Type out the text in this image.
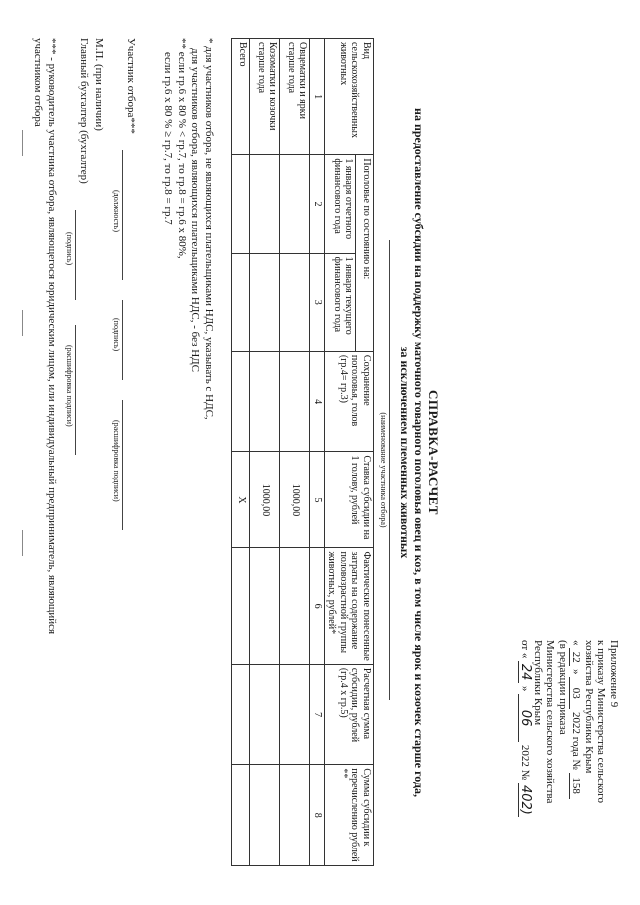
Приложение 9
к приказу Министерства сельского
хозяйства Республики Крым
« 22 » 03 2022 года № 158
(в редакции приказа
Министерства сельского хозяйства
Республики Крым
от « 24 » 06 2022 № 402)
СПРАВКА-РАСЧЕТ
на предоставление субсидии на поддержку маточного товарного поголовья овец и коз, в том числе ярок и козочек старше года,
за исключением племенных животных
(наименование участника отбора)
Вид сельскохозяйственных животных	Поголовье по состоянию на:		Сохранение поголовья, голов (гр.4= гр.3)	Ставка субсидии на 1 голову, рублей	Фактические понесенные затраты на содержание половозрастной группы животных, рублей*	Расчетная сумма субсидии, рублей (гр.4 х гр.5)	Сумма субсидии к перечислению рублей **
	1 января отчетного финансового года	1 января текущего финансового года					
1	2	3	4	5	6	7	8
Овцематки и ярки старше года				1000,00			
Козоматки и козочки старше года				1000,00			
Всего				X			
* для участников отбора, не являющихся плательщиками НДС, указывать с НДС,
для участников отбора, являющихся плательщиками НДС, - без НДС
** если гр.6 х 80 % < гр.7, то гр.8 = гр.6 х 80%,
если гр.6 х 80 % ≥ гр.7, то гр.8 = гр.7
Участник отбора***
(должность)
(подпись)
(расшифровка подписи)
М.П. (при наличии)
Главный бухгалтер (бухгалтер)
(подпись)
(расшифровка подписи)
*** - руководитель участника отбора, являющегося юридическим лицом, или индивидуальный предприниматель, являющийся
участником отбора
